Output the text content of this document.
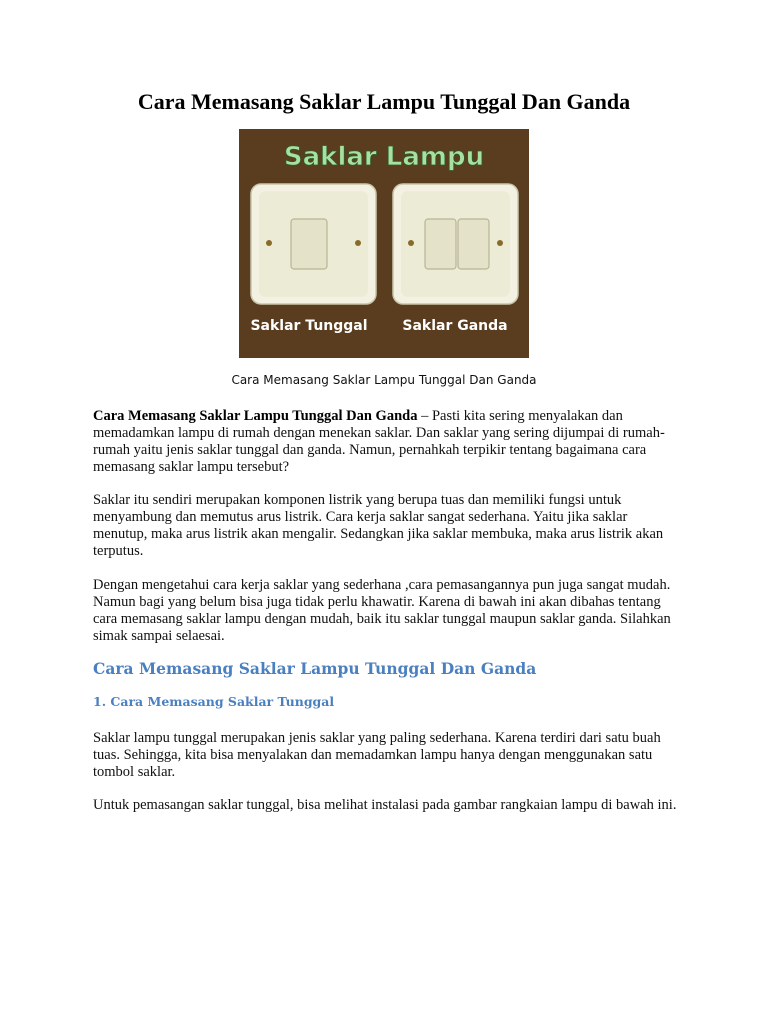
Cara Memasang Saklar Lampu Tunggal Dan Ganda
Saklar Lampu
Saklar Tunggal Saklar Ganda
Cara Memasang Saklar Lampu Tunggal Dan Ganda

Cara Memasang Saklar Lampu Tunggal Dan Ganda – Pasti kita sering menyalakan dan memadamkan lampu di rumah dengan menekan saklar. Dan saklar yang sering dijumpai di rumah-rumah yaitu jenis saklar tunggal dan ganda. Namun, pernahkah terpikir tentang bagaimana cara memasang saklar lampu tersebut?

Saklar itu sendiri merupakan komponen listrik yang berupa tuas dan memiliki fungsi untuk menyambung dan memutus arus listrik. Cara kerja saklar sangat sederhana. Yaitu jika saklar menutup, maka arus listrik akan mengalir. Sedangkan jika saklar membuka, maka arus listrik akan terputus.

Dengan mengetahui cara kerja saklar yang sederhana ,cara pemasangannya pun juga sangat mudah. Namun bagi yang belum bisa juga tidak perlu khawatir. Karena di bawah ini akan dibahas tentang cara memasang saklar lampu dengan mudah, baik itu saklar tunggal maupun saklar ganda. Silahkan simak sampai selaesai.

Cara Memasang Saklar Lampu Tunggal Dan Ganda
1. Cara Memasang Saklar Tunggal

Saklar lampu tunggal merupakan jenis saklar yang paling sederhana. Karena terdiri dari satu buah tuas. Sehingga, kita bisa menyalakan dan memadamkan lampu hanya dengan menggunakan satu tombol saklar.

Untuk pemasangan saklar tunggal, bisa melihat instalasi pada gambar rangkaian lampu di bawah ini.
